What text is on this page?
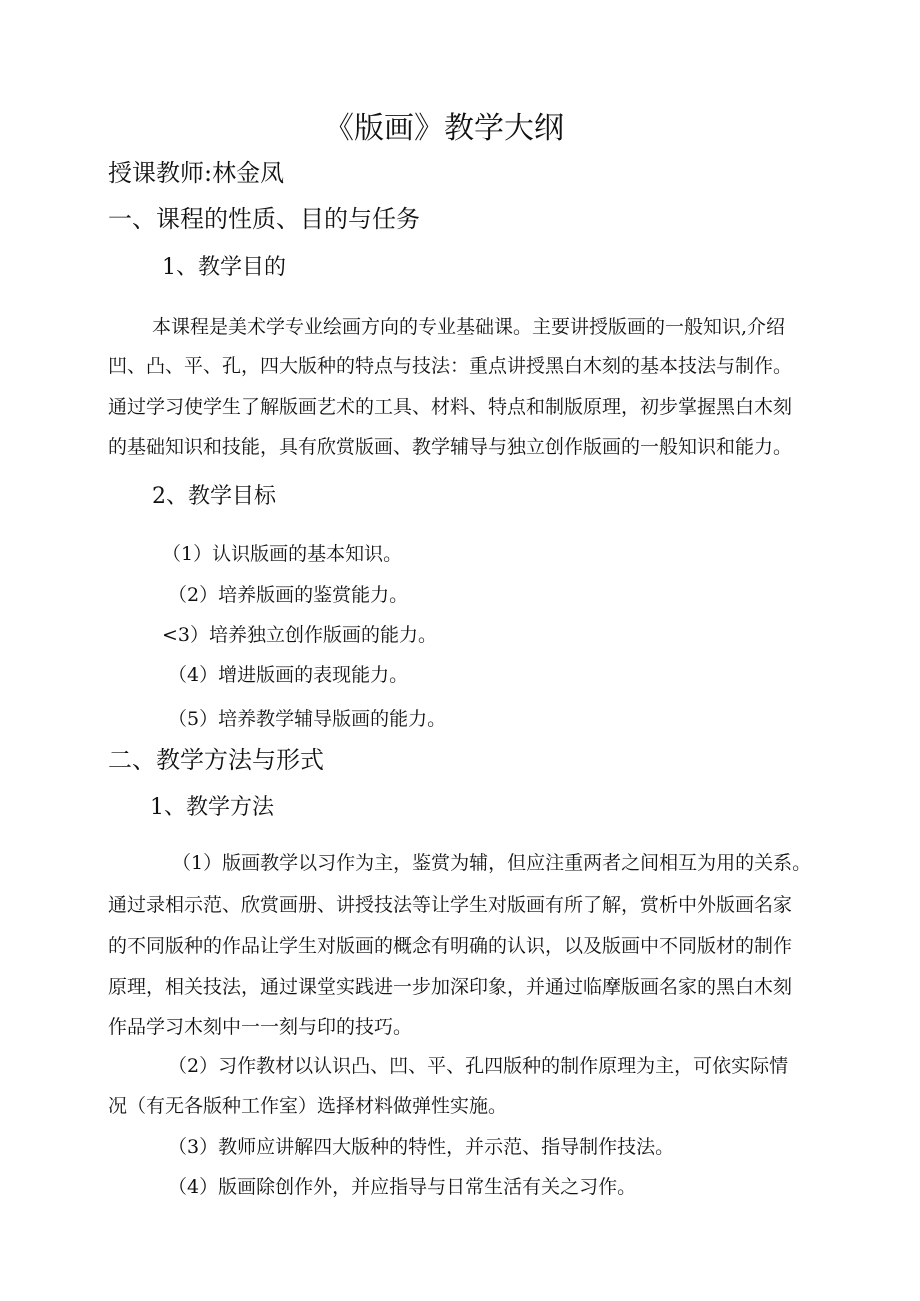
《版画》教学大纲
授课教师:林金凤
一、课程的性质、目的与任务
1、教学目的
本课程是美术学专业绘画方向的专业基础课。主要讲授版画的一般知识,介绍
凹、凸、平、孔，四大版种的特点与技法：重点讲授黑白木刻的基本技法与制作。
通过学习使学生了解版画艺术的工具、材料、特点和制版原理，初步掌握黑白木刻
的基础知识和技能，具有欣赏版画、教学辅导与独立创作版画的一般知识和能力。
2、教学目标
（1）认识版画的基本知识。
（2）培养版画的鉴赏能力。
<3）培养独立创作版画的能力。
（4）增进版画的表现能力。
（5）培养教学辅导版画的能力。
二、教学方法与形式
1、教学方法
（1）版画教学以习作为主，鉴赏为辅，但应注重两者之间相互为用的关系。
通过录相示范、欣赏画册、讲授技法等让学生对版画有所了解，赏析中外版画名家
的不同版种的作品让学生对版画的概念有明确的认识，以及版画中不同版材的制作
原理，相关技法，通过课堂实践进一步加深印象，并通过临摩版画名家的黑白木刻
作品学习木刻中一一刻与印的技巧。
（2）习作教材以认识凸、凹、平、孔四版种的制作原理为主，可依实际情
况（有无各版种工作室）选择材料做弹性实施。
（3）教师应讲解四大版种的特性，并示范、指导制作技法。
（4）版画除创作外，并应指导与日常生活有关之习作。
